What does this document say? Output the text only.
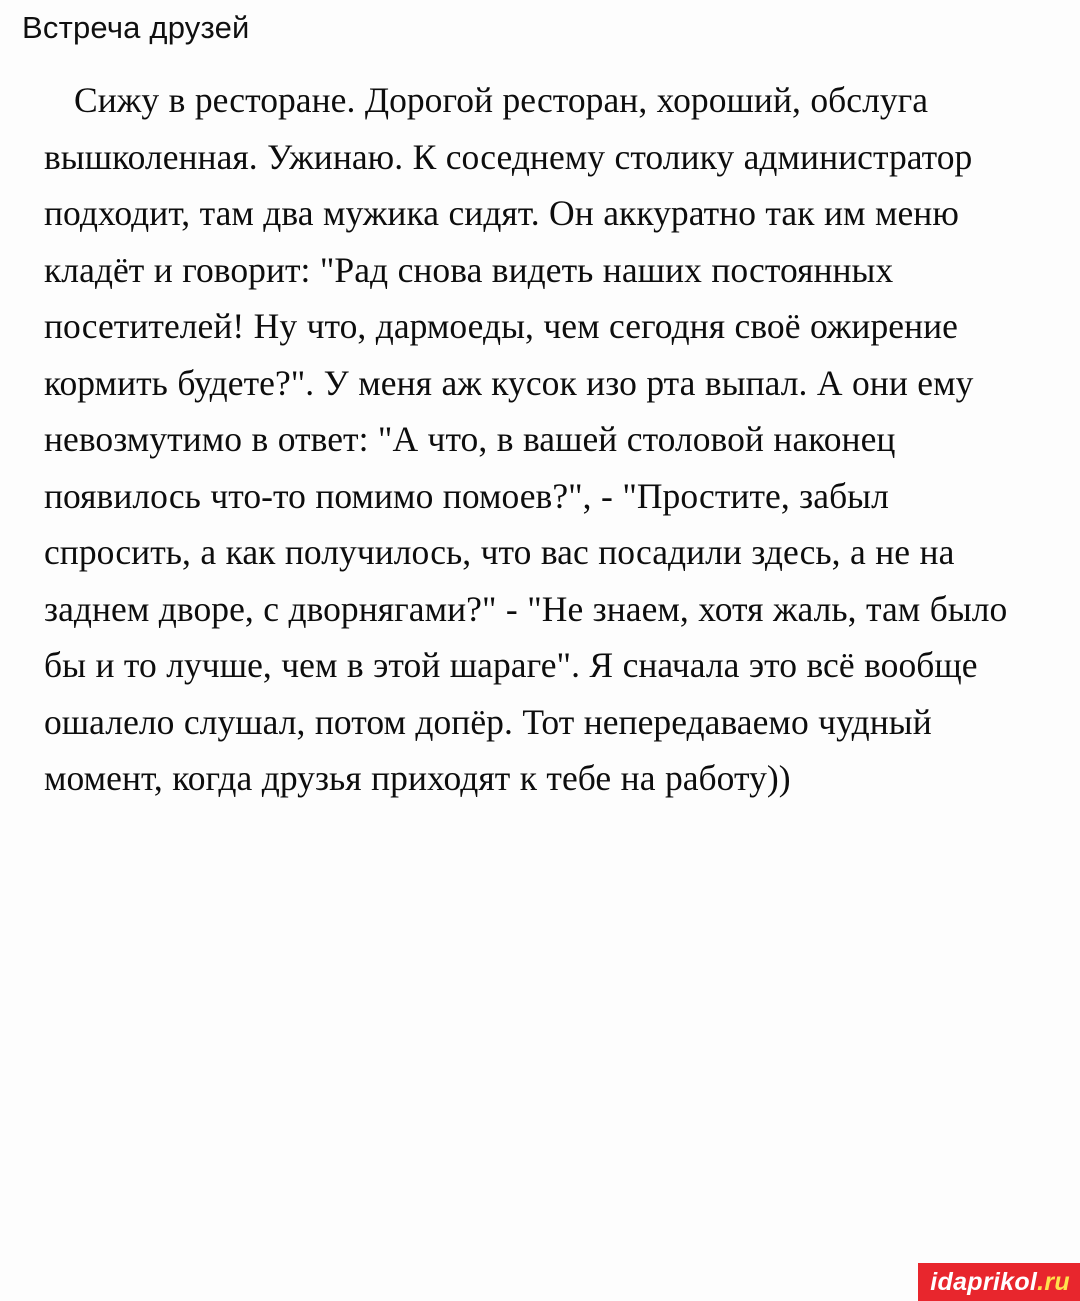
Встреча друзей
Сижу в ресторане. Дорогой ресторан, хороший, обслуга вышколенная. Ужинаю. К соседнему столику администратор подходит, там два мужика сидят. Он аккуратно так им меню кладёт и говорит: "Рад снова видеть наших постоянных посетителей! Ну что, дармоеды, чем сегодня своё ожирение кормить будете?". У меня аж кусок изо рта выпал. А они ему невозмутимо в ответ: "А что, в вашей столовой наконец появилось что-то помимо помоев?", - "Простите, забыл спросить, а как получилось, что вас посадили здесь, а не на заднем дворе, с дворнягами?" - "Не знаем, хотя жаль, там было бы и то лучше, чем в этой шараге". Я сначала это всё вообще ошалело слушал, потом допёр. Тот непередаваемо чудный момент, когда друзья приходят к тебе на работу))
idaprikol .ru
